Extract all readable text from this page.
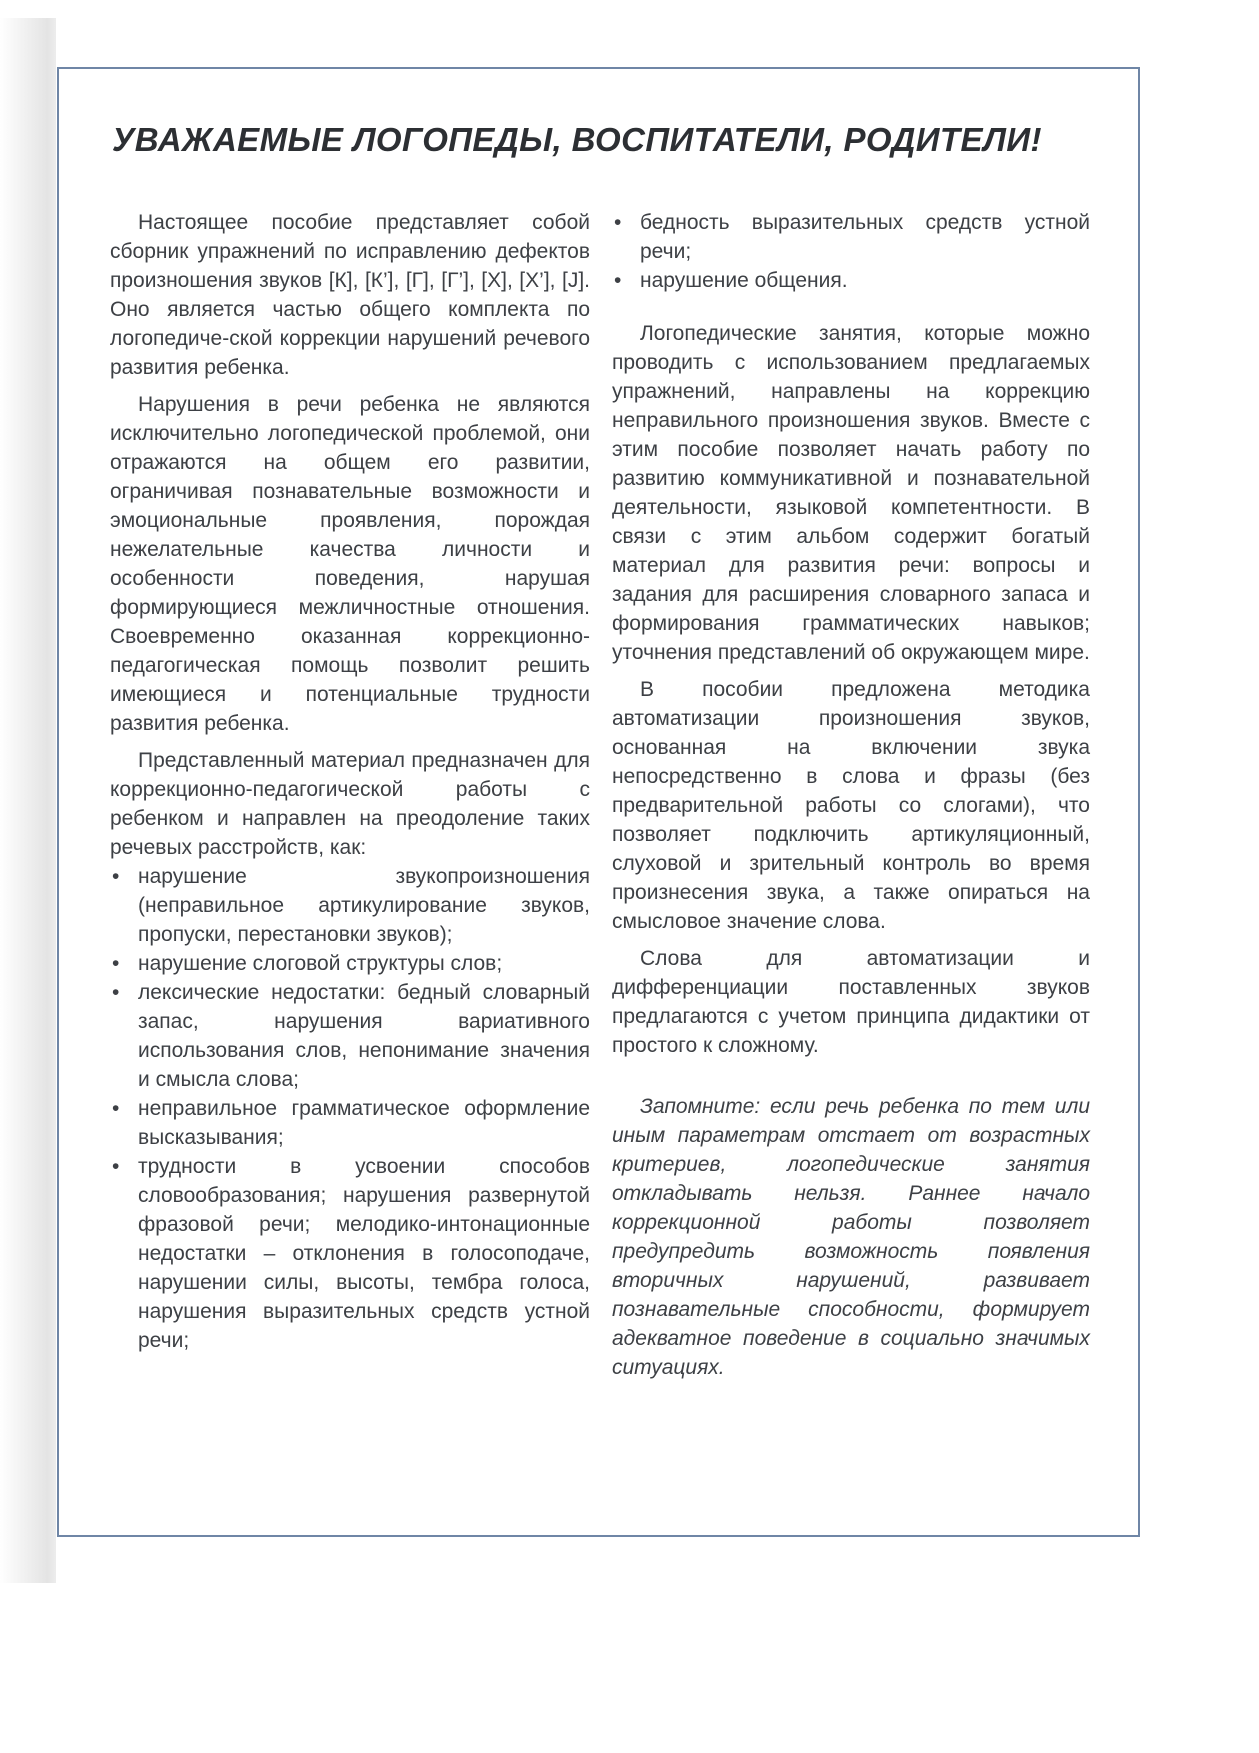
УВАЖАЕМЫЕ ЛОГОПЕДЫ, ВОСПИТАТЕЛИ, РОДИТЕЛИ!

Настоящее пособие представляет собой сборник упражнений по исправлению дефектов произношения звуков [К], [К’], [Г], [Г’], [Х], [Х’], [J]. Оно является частью общего комплекта по логопедиче-ской коррекции нарушений речевого развития ребенка.

Нарушения в речи ребенка не являются исключительно логопедической проблемой, они отражаются на общем его развитии, ограничивая познавательные возможности и эмоциональные проявления, порождая нежелательные качества личности и особенности поведения, нарушая формирующиеся межличностные отношения. Своевременно оказанная коррекционно-педагогическая помощь позволит решить имеющиеся и потенциальные трудности развития ребенка.

Представленный материал предназначен для коррекционно-педагогической работы с ребенком и направлен на преодоление таких речевых расстройств, как:

• нарушение звукопроизношения (неправильное артикулирование звуков, пропуски, перестановки звуков);
• нарушение слоговой структуры слов;
• лексические недостатки: бедный словарный запас, нарушения вариативного использования слов, непонимание значения и смысла слова;
• неправильное грамматическое оформление высказывания;
• трудности в усвоении способов словообразования; нарушения развернутой фразовой речи; мелодико-интонационные недостатки – отклонения в голосоподаче, нарушении силы, высоты, тембра голоса, нарушения выразительных средств устной речи;
• бедность выразительных средств устной речи;
• нарушение общения.

Логопедические занятия, которые можно проводить с использованием предлагаемых упражнений, направлены на коррекцию неправильного произношения звуков. Вместе с этим пособие позволяет начать работу по развитию коммуникативной и познавательной деятельности, языковой компетентности. В связи с этим альбом содержит богатый материал для развития речи: вопросы и задания для расширения словарного запаса и формирования грамматических навыков; уточнения представлений об окружающем мире.

В пособии предложена методика автоматизации произношения звуков, основанная на включении звука непосредственно в слова и фразы (без предварительной работы со слогами), что позволяет подключить артикуляционный, слуховой и зрительный контроль во время произнесения звука, а также опираться на смысловое значение слова.

Слова для автоматизации и дифференциации поставленных звуков предлагаются с учетом принципа дидактики от простого к сложному.

Запомните: если речь ребенка по тем или иным параметрам отстает от возрастных критериев, логопедические занятия откладывать нельзя. Раннее начало коррекционной работы позволяет предупредить возможность появления вторичных нарушений, развивает познавательные способности, формирует адекватное поведение в социально значимых ситуациях.
